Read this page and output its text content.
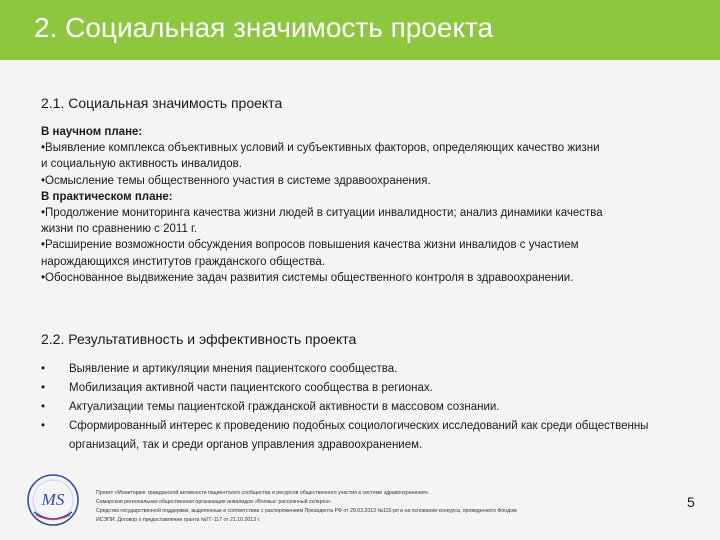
2. Социальная значимость проекта
2.1. Социальная значимость проекта
В научном плане:
•Выявление комплекса объективных условий и субъективных факторов, определяющих качество жизни
и социальную активность инвалидов.
•Осмысление темы общественного участия в системе здравоохранения.
В практическом плане:
•Продолжение мониторинга качества жизни людей в ситуации инвалидности; анализ динамики качества
жизни по сравнению с 2011 г.
•Расширение возможности обсуждения вопросов повышения качества жизни инвалидов с участием
нарождающихся институтов гражданского общества.
•Обоснованное выдвижение задач развития системы общественного контроля в здравоохранении.
2.2. Результативность и эффективность проекта
•	Выявление и артикуляции мнения пациентского сообщества.
•	Мобилизация активной части пациентского сообщества в регионах.
•	Актуализации темы пациентской гражданской активности в массовом сознании.
•	Сформированный интерес к проведению подобных социологических исследований как среди общественны
организаций, так и среди органов управления здравоохранением.
MS	Проект «Мониторинг гражданской активности пациентского сообщества и ресурсов общественного участия в системе здравоохранения»
Самарская региональная общественная организация инвалидов «Волжье: рассеянный склероз»
Средства государственной поддержки, выделенные в соответствии с распоряжением Президента РФ от 29.03.2013 №115-рп и на основании конкурса, проведенного Фондом
ИСЭПИ. Договор о предоставлении гранта №ГГ-117 от 21.10.2013 г.
5
